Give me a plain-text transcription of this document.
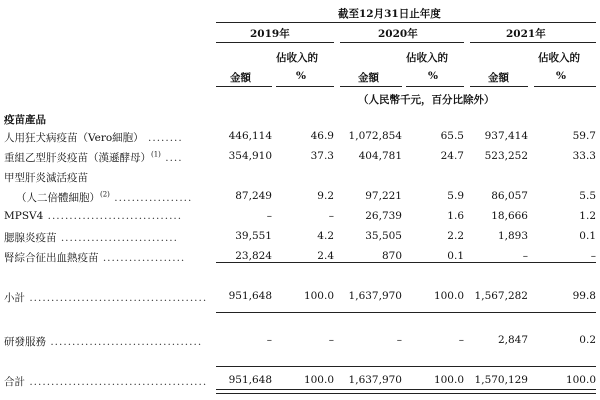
截至12月31日止年度
2019年	2020年	2021年
佔收入的	佔收入的	佔收入的
金額	%	金額	%	金額	%
（人民幣千元，百分比除外）
疫苗產品
人用狂犬病疫苗（Vero細胞） ........	446,114	46.9 1,072,854	65.5 937,414	59.7
重組乙型肝炎疫苗（漢遜酵母）$^{(1)}$ ....	354,910	37.3 404,781	24.7 523,252	33.3
甲型肝炎滅活疫苗
（人二倍體細胞）$^{(2)}$ ..................	87,249	9.2	97,221	5.9	86,057	5.5
MPSV4 ...............................	–	–	26,739	1.6	18,666	1.2
腮腺炎疫苗 ...........................	39,551	4.2	35,505	2.2	1,893	0.1
腎綜合征出血熱疫苗 ...................	23,824	2.4	870	0.1	–	–
小計 ......................................... 951,648	100.0 1,637,970	100.0 1,567,282	99.8
研發服務 ...................................	–	–	–	–	2,847	0.2
合計 ......................................... 951,648	100.0 1,637,970	100.0 1,570,129	100.0
